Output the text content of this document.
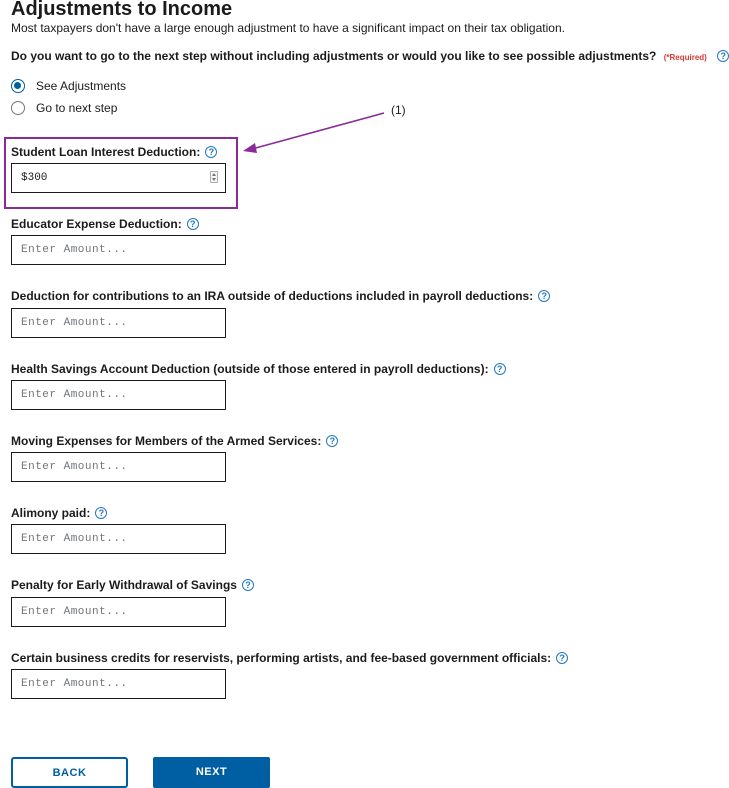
Adjustments to Income

Most taxpayers don't have a large enough adjustment to have a significant impact on their tax obligation.

Do you want to go to the next step without including adjustments or would you like to see possible adjustments? (*Required) ?
See Adjustments
Go to next step	(1)
Student Loan Interest Deduction: ?
$300
Educator Expense Deduction: ?
Enter Amount...
Deduction for contributions to an IRA outside of deductions included in payroll deductions: ?
Enter Amount...
Health Savings Account Deduction (outside of those entered in payroll deductions): ?
Enter Amount...
Moving Expenses for Members of the Armed Services: ?
Enter Amount...
Alimony paid: ?
Enter Amount...
Penalty for Early Withdrawal of Savings ?
Enter Amount...
Certain business credits for reservists, performing artists, and fee-based government officials: ?
Enter Amount...
BACK	NEXT
